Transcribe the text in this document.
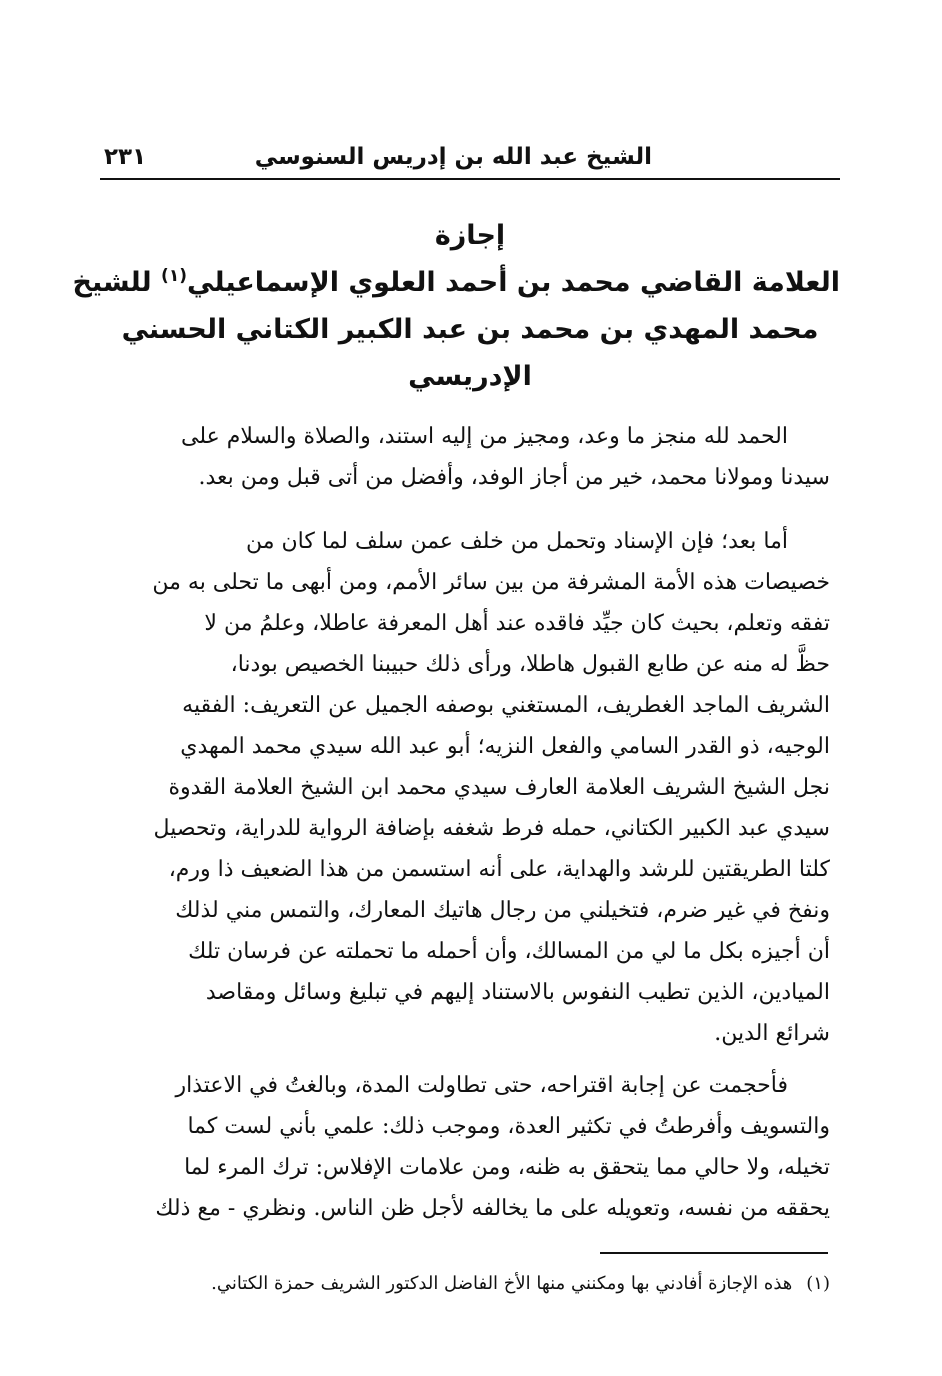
الشيخ عبد الله بن إدريس السنوسي
٢٣١
إجازة
العلامة القاضي محمد بن أحمد العلوي الإسماعيلي$^{(١)}$ للشيخ
محمد المهدي بن محمد بن عبد الكبير الكتاني الحسني
الإدريسي
الحمد لله منجز ما وعد، ومجيز من إليه استند، والصلاة والسلام على
سيدنا ومولانا محمد، خير من أجاز الوفد، وأفضل من أتى قبل ومن بعد.
أما بعد؛ فإن الإسناد وتحمل من خلف عمن سلف لما كان من
خصيصات هذه الأمة المشرفة من بين سائر الأمم، ومن أبهى ما تحلى به من
تفقه وتعلم، بحيث كان جيِّد فاقده عند أهل المعرفة عاطلا، وعلمُ من لا
حظَّ له منه عن طابع القبول هاطلا، ورأى ذلك حبيبنا الخصيص بودنا،
الشريف الماجد الغطريف، المستغني بوصفه الجميل عن التعريف: الفقيه
الوجيه، ذو القدر السامي والفعل النزيه؛ أبو عبد الله سيدي محمد المهدي
نجل الشيخ الشريف العلامة العارف سيدي محمد ابن الشيخ العلامة القدوة
سيدي عبد الكبير الكتاني، حمله فرط شغفه بإضافة الرواية للدراية، وتحصيل
كلتا الطريقتين للرشد والهداية، على أنه استسمن من هذا الضعيف ذا ورم،
ونفخ في غير ضرم، فتخيلني من رجال هاتيك المعارك، والتمس مني لذلك
أن أجيزه بكل ما لي من المسالك، وأن أحمله ما تحملته عن فرسان تلك
الميادين، الذين تطيب النفوس بالاستناد إليهم في تبليغ وسائل ومقاصد
شرائع الدين.
فأحجمت عن إجابة اقتراحه، حتى تطاولت المدة، وبالغتُ في الاعتذار
والتسويف وأفرطتُ في تكثير العدة، وموجب ذلك: علمي بأني لست كما
تخيله، ولا حالي مما يتحقق به ظنه، ومن علامات الإفلاس: ترك المرء لما
يحققه من نفسه، وتعويله على ما يخالفه لأجل ظن الناس. ونظري - مع ذلك
(١)هذه الإجازة أفادني بها ومكنني منها الأخ الفاضل الدكتور الشريف حمزة الكتاني.
